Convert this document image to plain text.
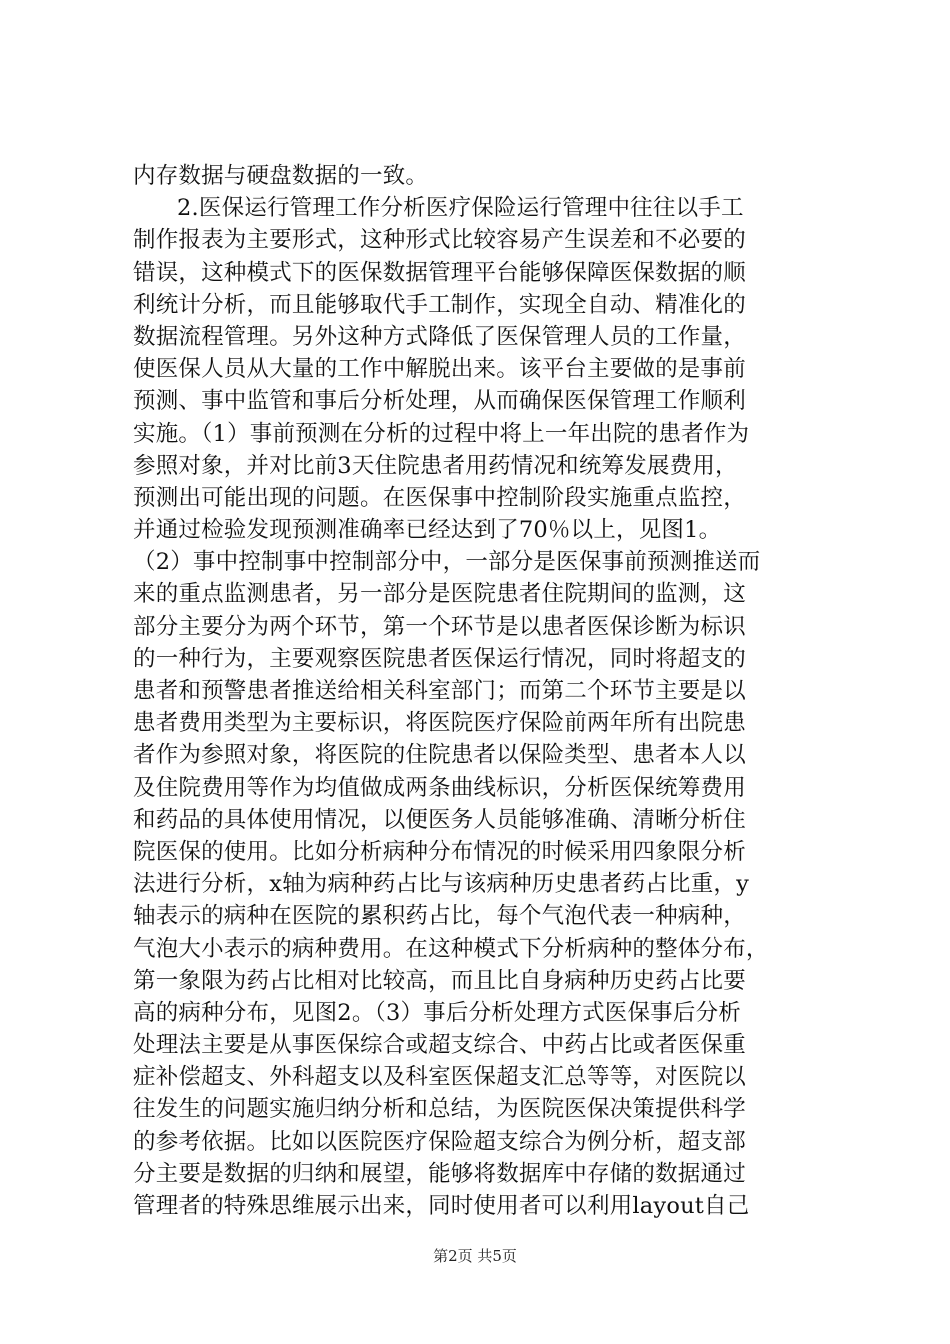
内存数据与硬盘数据的一致。
2.医保运行管理工作分析医疗保险运行管理中往往以手工
制作报表为主要形式，这种形式比较容易产生误差和不必要的
错误，这种模式下的医保数据管理平台能够保障医保数据的顺
利统计分析，而且能够取代手工制作，实现全自动、精准化的
数据流程管理。另外这种方式降低了医保管理人员的工作量，
使医保人员从大量的工作中解脱出来。该平台主要做的是事前
预测、事中监管和事后分析处理，从而确保医保管理工作顺利
实施。（1）事前预测在分析的过程中将上一年出院的患者作为
参照对象，并对比前3天住院患者用药情况和统筹发展费用，
预测出可能出现的问题。在医保事中控制阶段实施重点监控，
并通过检验发现预测准确率已经达到了70％以上，见图1。
（2）事中控制事中控制部分中，一部分是医保事前预测推送而
来的重点监测患者，另一部分是医院患者住院期间的监测，这
部分主要分为两个环节，第一个环节是以患者医保诊断为标识
的一种行为，主要观察医院患者医保运行情况，同时将超支的
患者和预警患者推送给相关科室部门；而第二个环节主要是以
患者费用类型为主要标识，将医院医疗保险前两年所有出院患
者作为参照对象，将医院的住院患者以保险类型、患者本人以
及住院费用等作为均值做成两条曲线标识，分析医保统筹费用
和药品的具体使用情况，以便医务人员能够准确、清晰分析住
院医保的使用。比如分析病种分布情况的时候采用四象限分析
法进行分析，x轴为病种药占比与该病种历史患者药占比重，y
轴表示的病种在医院的累积药占比，每个气泡代表一种病种，
气泡大小表示的病种费用。在这种模式下分析病种的整体分布，
第一象限为药占比相对比较高，而且比自身病种历史药占比要
高的病种分布，见图2。（3）事后分析处理方式医保事后分析
处理法主要是从事医保综合或超支综合、中药占比或者医保重
症补偿超支、外科超支以及科室医保超支汇总等等，对医院以
往发生的问题实施归纳分析和总结，为医院医保决策提供科学
的参考依据。比如以医院医疗保险超支综合为例分析，超支部
分主要是数据的归纳和展望，能够将数据库中存储的数据通过
管理者的特殊思维展示出来，同时使用者可以利用layout自己
第2页 共5页
